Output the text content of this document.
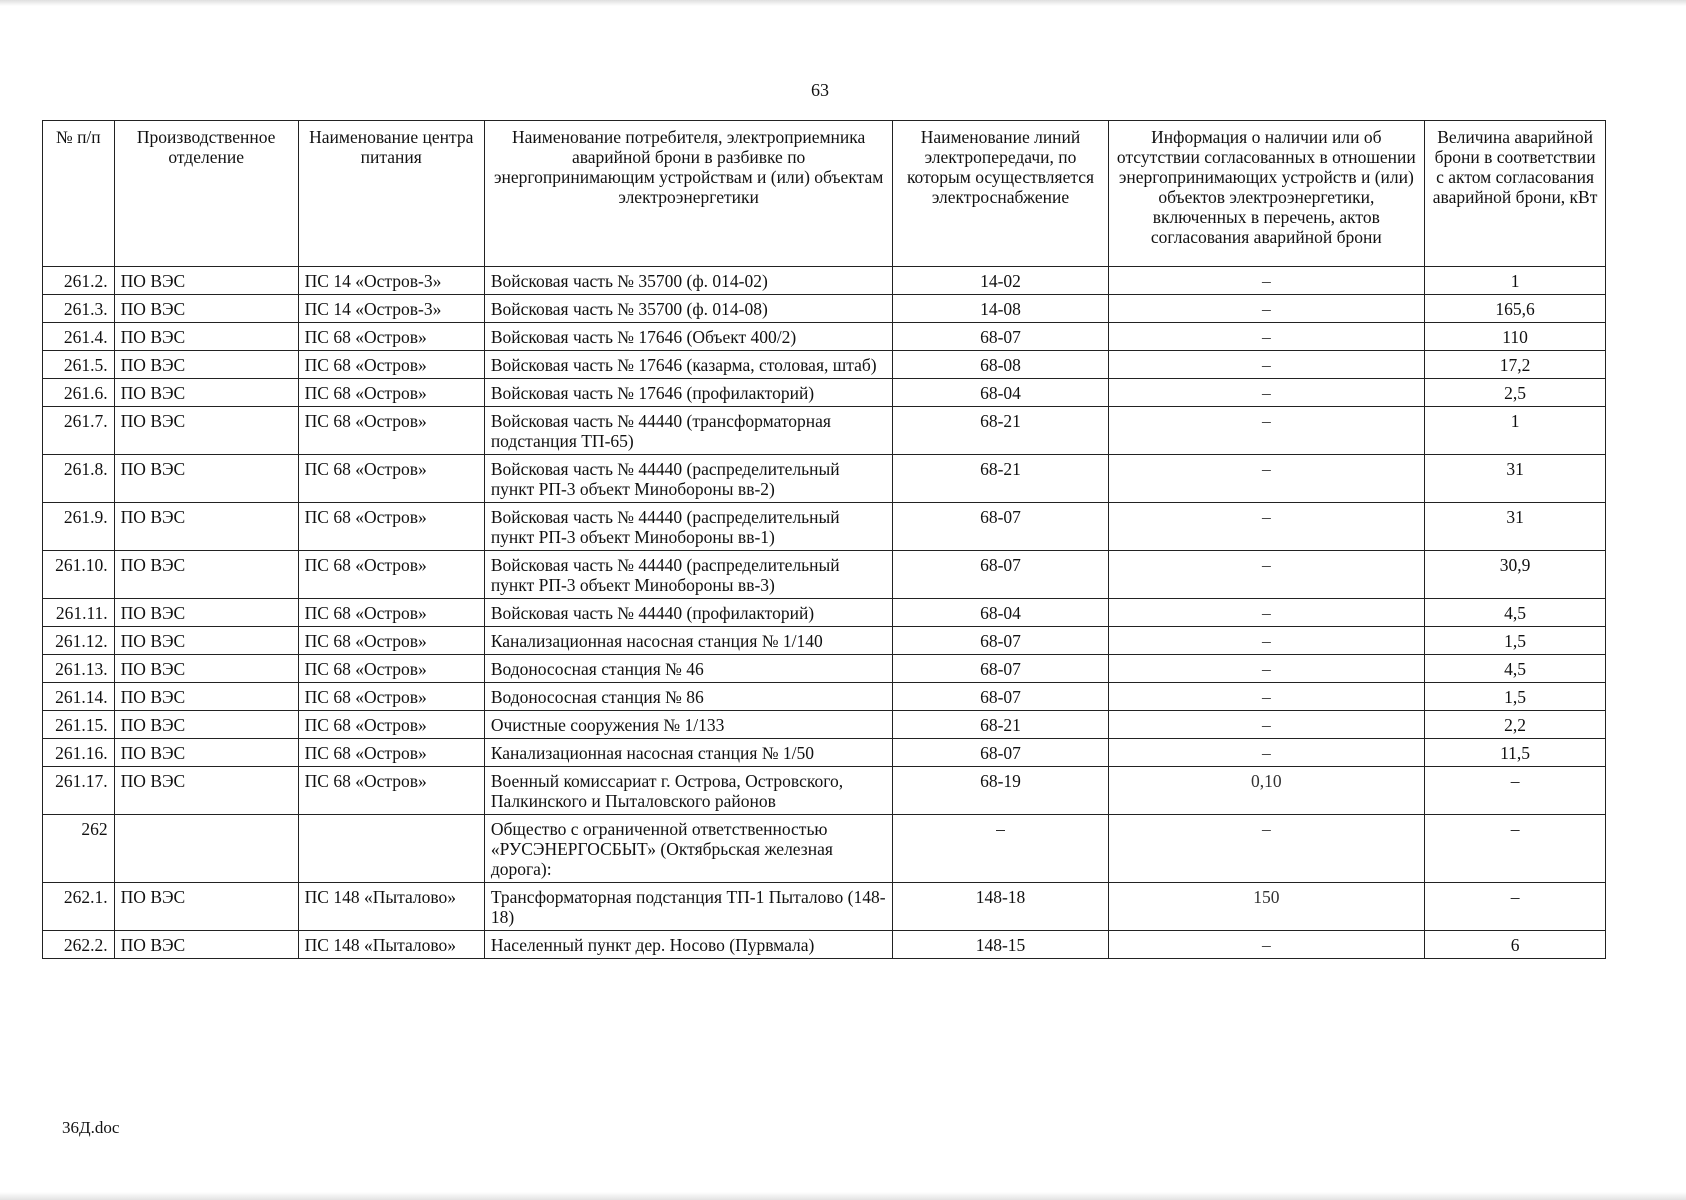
63
№ п/п	Производственное отделение	Наименование центра питания	Наименование потребителя, электроприемника аварийной брони в разбивке по энергопринимающим устройствам и (или) объектам электроэнергетики	Наименование линий электропередачи, по которым осуществляется электроснабжение	Информация о наличии или об отсутствии согласованных в отношении энергопринимающих устройств и (или) объектов электроэнергетики, включенных в перечень, актов согласования аварийной брони	Величина аварийной брони в соответствии с актом согласования аварийной брони, кВт
261.2.	ПО ВЭС	ПС 14 «Остров-3»	Войсковая часть № 35700 (ф. 014-02)	14-02	–	1
261.3.	ПО ВЭС	ПС 14 «Остров-3»	Войсковая часть № 35700 (ф. 014-08)	14-08	–	165,6
261.4.	ПО ВЭС	ПС 68 «Остров»	Войсковая часть № 17646 (Объект 400/2)	68-07	–	110
261.5.	ПО ВЭС	ПС 68 «Остров»	Войсковая часть № 17646 (казарма, столовая, штаб)	68-08	–	17,2
261.6.	ПО ВЭС	ПС 68 «Остров»	Войсковая часть № 17646 (профилакторий)	68-04	–	2,5
261.7.	ПО ВЭС	ПС 68 «Остров»	Войсковая часть № 44440 (трансформаторная подстанция ТП-65)	68-21	–	1
261.8.	ПО ВЭС	ПС 68 «Остров»	Войсковая часть № 44440 (распределительный пункт РП-3 объект Минобороны вв-2)	68-21	–	31
261.9.	ПО ВЭС	ПС 68 «Остров»	Войсковая часть № 44440 (распределительный пункт РП-3 объект Минобороны вв-1)	68-07	–	31
261.10.	ПО ВЭС	ПС 68 «Остров»	Войсковая часть № 44440 (распределительный пункт РП-3 объект Минобороны вв-3)	68-07	–	30,9
261.11.	ПО ВЭС	ПС 68 «Остров»	Войсковая часть № 44440 (профилакторий)	68-04	–	4,5
261.12.	ПО ВЭС	ПС 68 «Остров»	Канализационная насосная станция № 1/140	68-07	–	1,5
261.13.	ПО ВЭС	ПС 68 «Остров»	Водонососная станция № 46	68-07	–	4,5
261.14.	ПО ВЭС	ПС 68 «Остров»	Водонососная станция № 86	68-07	–	1,5
261.15.	ПО ВЭС	ПС 68 «Остров»	Очистные сооружения № 1/133	68-21	–	2,2
261.16.	ПО ВЭС	ПС 68 «Остров»	Канализационная насосная станция № 1/50	68-07	–	11,5
261.17.	ПО ВЭС	ПС 68 «Остров»	Военный комиссариат г. Острова, Островского, Палкинского и Пыталовского районов	68-19	0,10	–
262			Общество с ограниченной ответственностью «РУСЭНЕРГОСБЫТ» (Октябрьская железная дорога):	–	–	–
262.1.	ПО ВЭС	ПС 148 «Пыталово»	Трансформаторная подстанция ТП-1 Пыталово (148-18)	148-18	150	–
262.2.	ПО ВЭС	ПС 148 «Пыталово»	Населенный пункт дер. Носово (Пурвмала)	148-15	–	6
36Д.doc
